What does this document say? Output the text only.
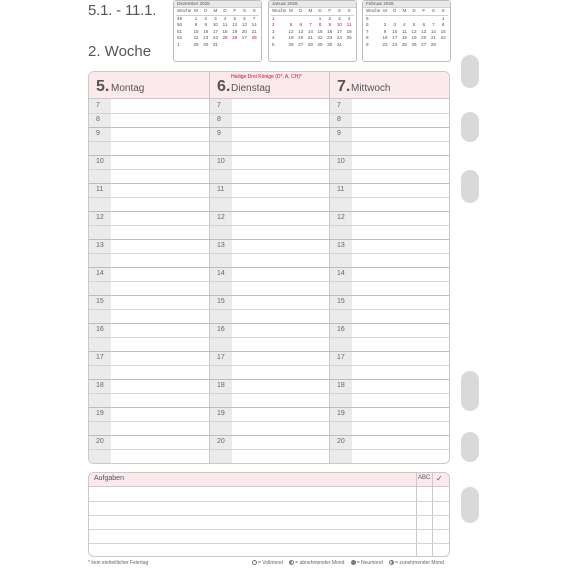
5.1. - 11.1.
2. Woche
Dezember 2025
Woche	M	D	M	D	F	S	S
49	1	2	3	4	5	6	7
50	8	9	10	11	12	13	14
51	15	16	17	18	19	20	21
52	22	23	24	25	26	27	28
1	29	30	31				
Januar 2026
Woche	M	D	M	D	F	S	S
1				1	2	3	4
2	5	6	7	8	9	10	11
3	12	13	14	15	16	17	18
4	19	20	21	22	23	24	25
5	26	27	28	29	30	31	
Februar 2026
Woche	M	D	M	D	F	S	S
5							1
6	2	3	4	5	6	7	8
7	9	10	11	12	13	14	15
8	16	17	18	19	20	21	22
9	23	24	25	26	27	28	
5. Montag
Heilige Drei Könige (D*, A, CH)*
6. Dienstag	7. Mittwoch
7
8
9
10
11
12
13
14
15
16
17
18
19
20
7
8
9
10
11
12
13
14
15
16
17
18
19
20
7
8
9
10
11
12
13
14
15
16
17
18
19
20
Aufgaben	ABC ✓
* kein einheitlicher Feiertag	= Vollmond = abnehmender Mond = Neumond = zunehmender Mond
